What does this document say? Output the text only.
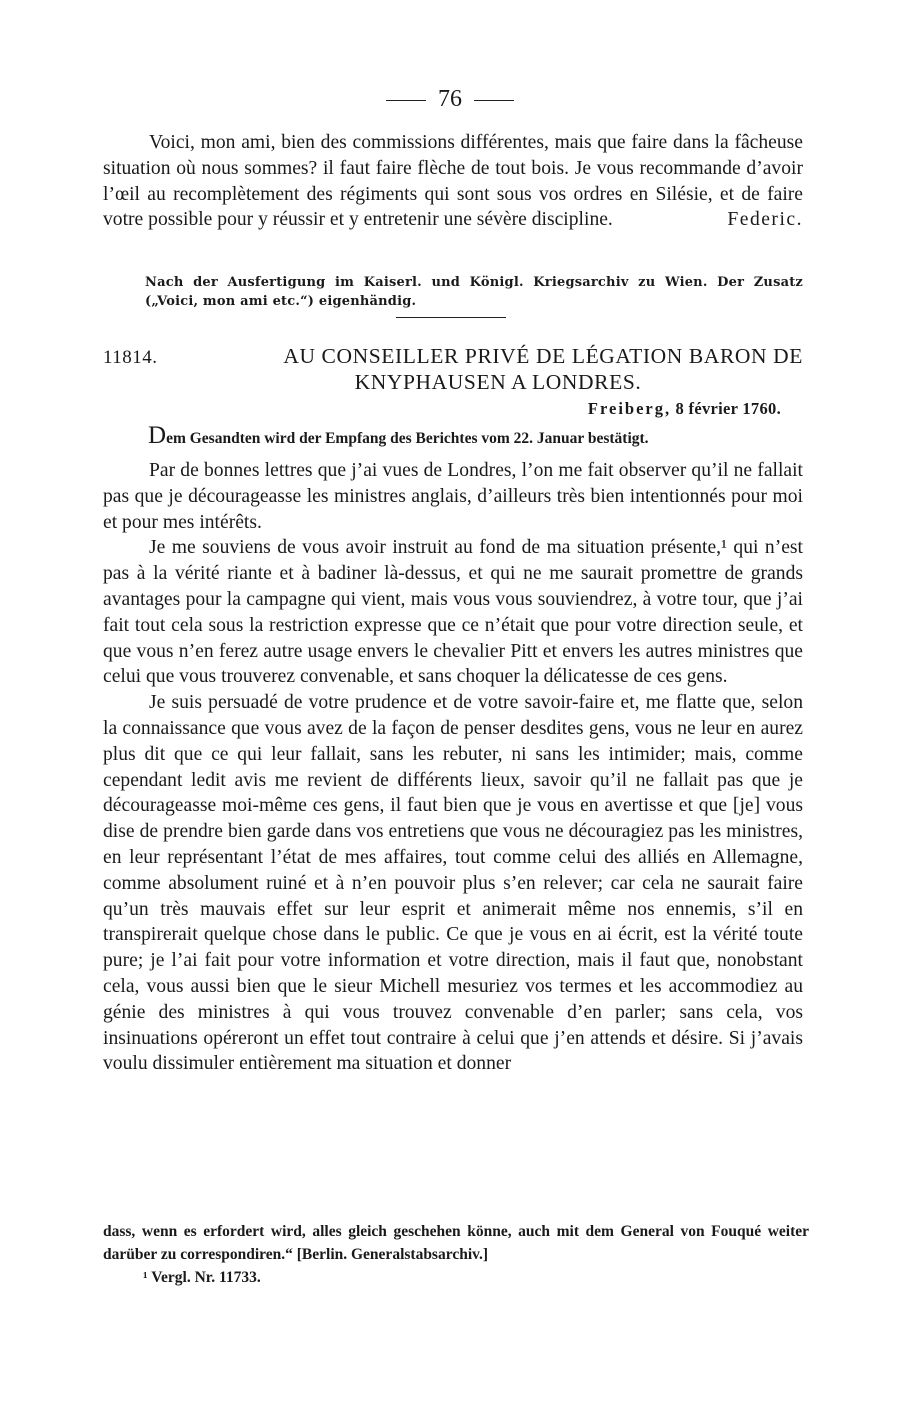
76

Voici, mon ami, bien des commissions différentes, mais que faire dans la fâcheuse situation où nous sommes? il faut faire flèche de tout bois. Je vous recommande d’avoir l’œil au recomplètement des régiments qui sont sous vos ordres en Silésie, et de faire votre possible pour y réussir et y entretenir une sévère discipline.	Federic.

Nach der Ausfertigung im Kaiserl. und Königl. Kriegsarchiv zu Wien. Der Zusatz („Voici, mon ami etc.“) eigenhändig.
11814.	AU CONSEILLER PRIVÉ DE LÉGATION BARON DE
KNYPHAUSEN A LONDRES.
Freiberg, 8 février 1760.
Dem Gesandten wird der Empfang des Berichtes vom 22. Januar bestätigt.

Par de bonnes lettres que j’ai vues de Londres, l’on me fait observer qu’il ne fallait pas que je décourageasse les ministres anglais, d’ailleurs très bien intentionnés pour moi et pour mes intérêts.

Je me souviens de vous avoir instruit au fond de ma situation présente,¹ qui n’est pas à la vérité riante et à badiner là-dessus, et qui ne me saurait promettre de grands avantages pour la campagne qui vient, mais vous vous souviendrez, à votre tour, que j’ai fait tout cela sous la restriction expresse que ce n’était que pour votre direction seule, et que vous n’en ferez autre usage envers le chevalier Pitt et envers les autres ministres que celui que vous trouverez convenable, et sans choquer la délicatesse de ces gens.

Je suis persuadé de votre prudence et de votre savoir-faire et, me flatte que, selon la connaissance que vous avez de la façon de penser desdites gens, vous ne leur en aurez plus dit que ce qui leur fallait, sans les rebuter, ni sans les intimider; mais, comme cependant ledit avis me revient de différents lieux, savoir qu’il ne fallait pas que je décourageasse moi-même ces gens, il faut bien que je vous en avertisse et que [je] vous dise de prendre bien garde dans vos entretiens que vous ne découragiez pas les ministres, en leur représentant l’état de mes affaires, tout comme celui des alliés en Allemagne, comme absolument ruiné et à n’en pouvoir plus s’en relever; car cela ne saurait faire qu’un très mauvais effet sur leur esprit et animerait même nos ennemis, s’il en transpirerait quelque chose dans le public. Ce que je vous en ai écrit, est la vérité toute pure; je l’ai fait pour votre information et votre direction, mais il faut que, nonobstant cela, vous aussi bien que le sieur Michell mesuriez vos termes et les accommodiez au génie des ministres à qui vous trouvez convenable d’en parler; sans cela, vos insinuations opéreront un effet tout contraire à celui que j’en attends et désire. Si j’avais voulu dissimuler entièrement ma situation et donner

dass, wenn es erfordert wird, alles gleich geschehen könne, auch mit dem General von Fouqué weiter darüber zu correspondiren.“ [Berlin. Generalstabsarchiv.]

¹ Vergl. Nr. 11733.
